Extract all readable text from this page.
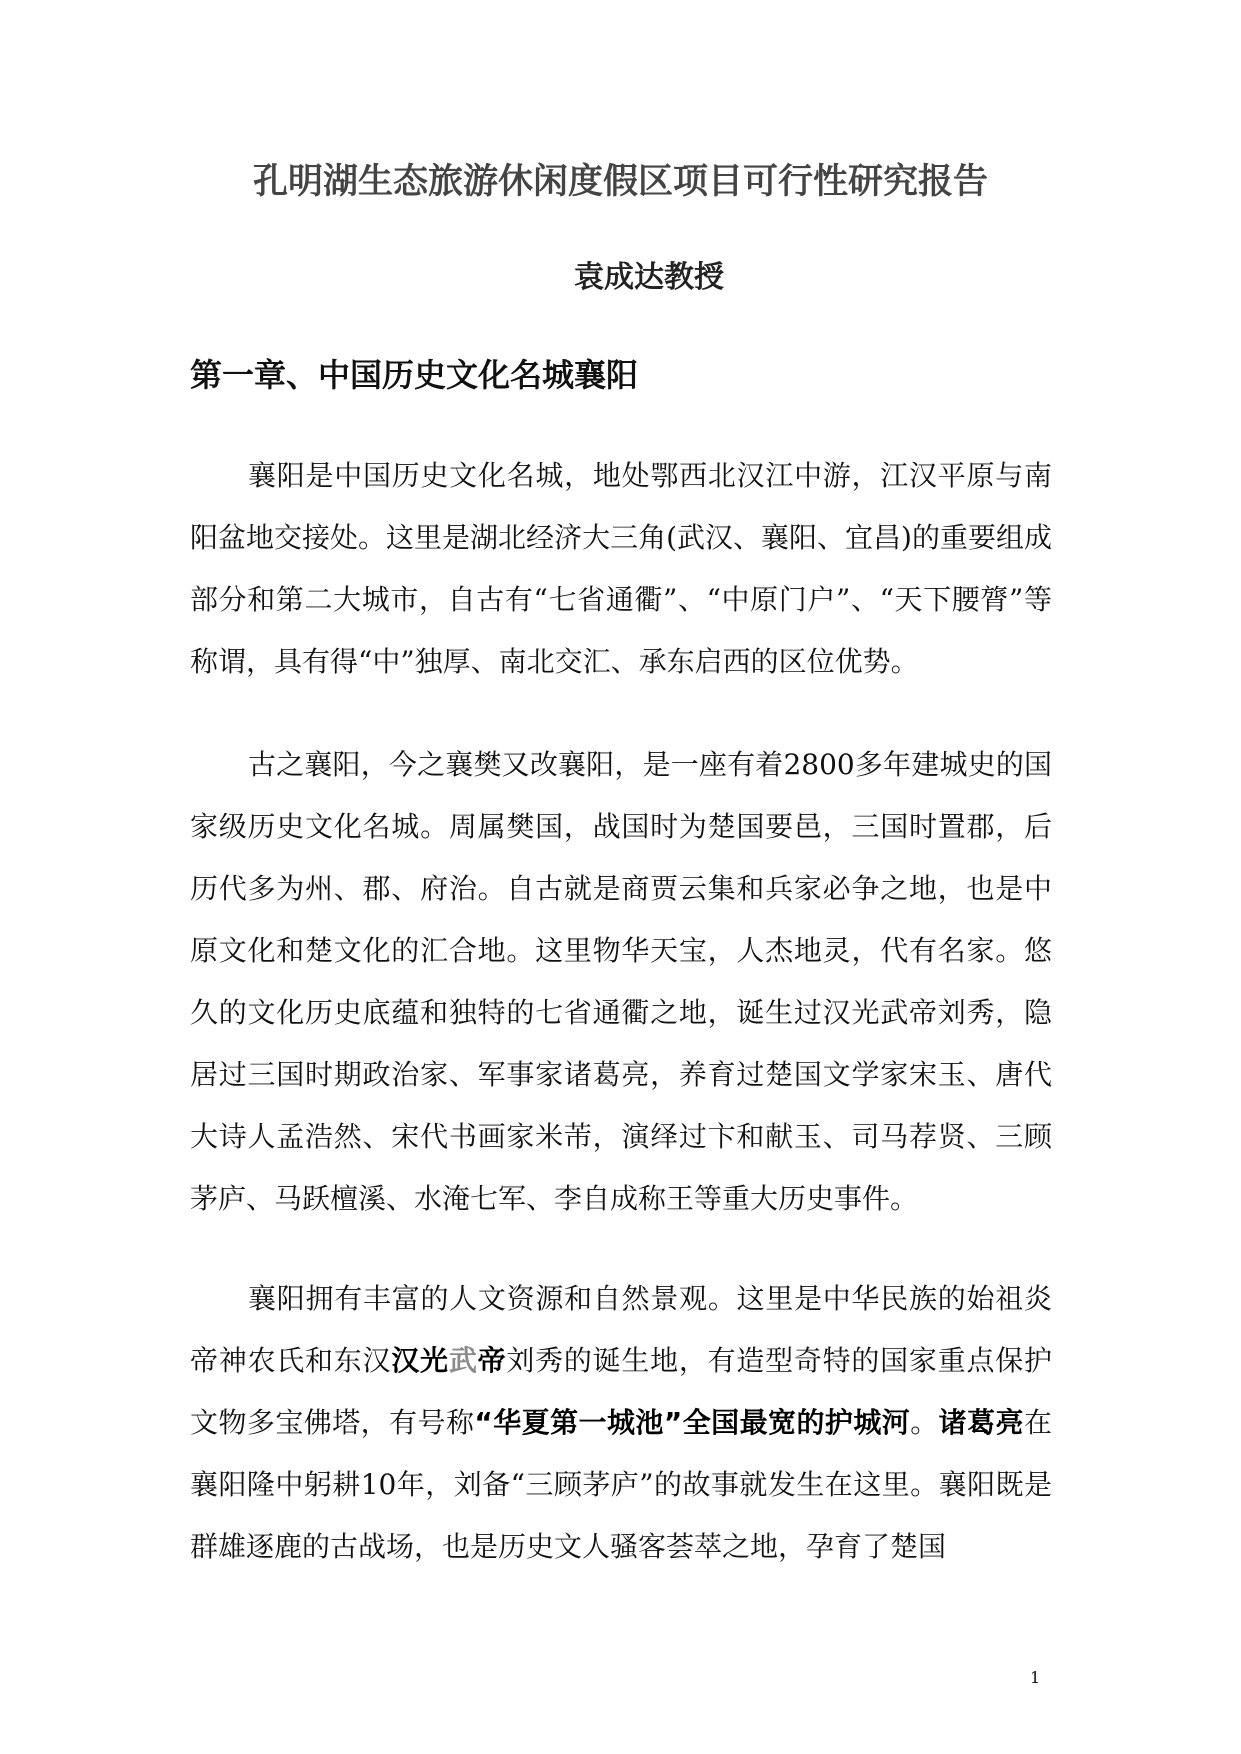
孔明湖生态旅游休闲度假区项目可行性研究报告

袁成达教授

第一章、中国历史文化名城襄阳

襄阳是中国历史文化名城，地处鄂西北汉江中游，江汉平原与南阳盆地交接处。这里是湖北经济大三角(武汉、襄阳、宜昌)的重要组成部分和第二大城市，自古有“七省通衢”、“中原门户”、“天下腰膂”等称谓，具有得“中”独厚、南北交汇、承东启西的区位优势。

古之襄阳，今之襄樊又改襄阳，是一座有着2800多年建城史的国家级历史文化名城。周属樊国，战国时为楚国要邑，三国时置郡，后历代多为州、郡、府治。自古就是商贾云集和兵家必争之地，也是中原文化和楚文化的汇合地。这里物华天宝，人杰地灵，代有名家。悠久的文化历史底蕴和独特的七省通衢之地，诞生过汉光武帝刘秀，隐居过三国时期政治家、军事家诸葛亮，养育过楚国文学家宋玉、唐代大诗人孟浩然、宋代书画家米芾，演绎过卞和献玉、司马荐贤、三顾茅庐、马跃檀溪、水淹七军、李自成称王等重大历史事件。

襄阳拥有丰富的人文资源和自然景观。这里是中华民族的始祖炎帝神农氏和东汉汉光武帝刘秀的诞生地，有造型奇特的国家重点保护文物多宝佛塔，有号称“华夏第一城池”全国最宽的护城河。诸葛亮在襄阳隆中躬耕10年，刘备“三顾茅庐”的故事就发生在这里。襄阳既是群雄逐鹿的古战场，也是历史文人骚客荟萃之地，孕育了楚国

1
